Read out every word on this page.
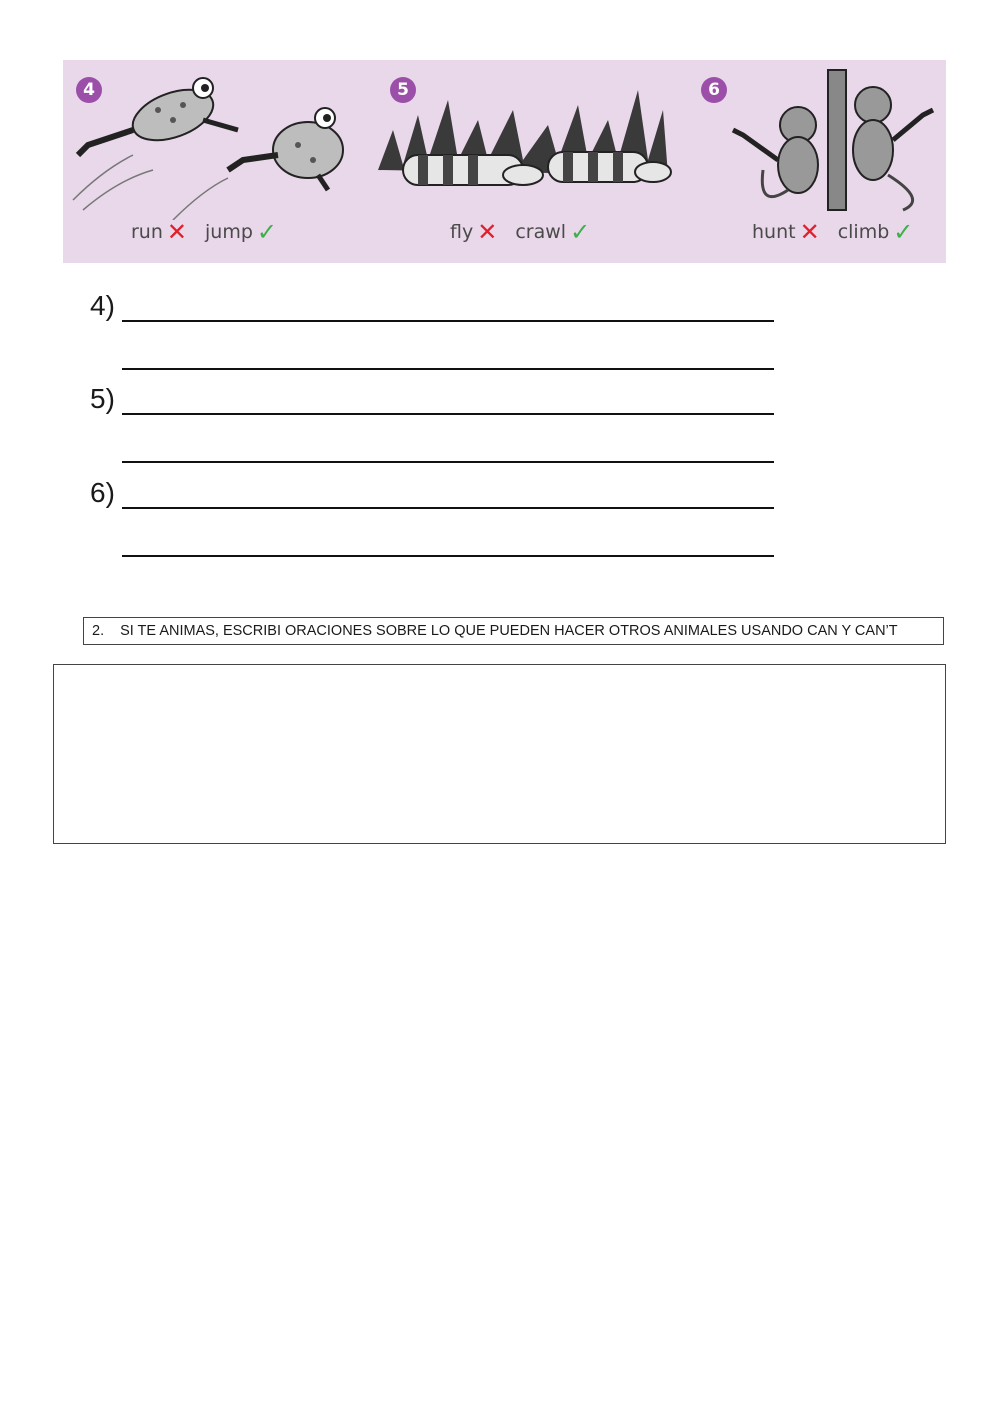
4
run ✕ jump ✓
5
fly ✕ crawl ✓
6
hunt ✕ climb ✓
4)
5)
6)
2. SI TE ANIMAS, ESCRIBI ORACIONES SOBRE LO QUE PUEDEN HACER OTROS ANIMALES USANDO CAN Y CAN’T
